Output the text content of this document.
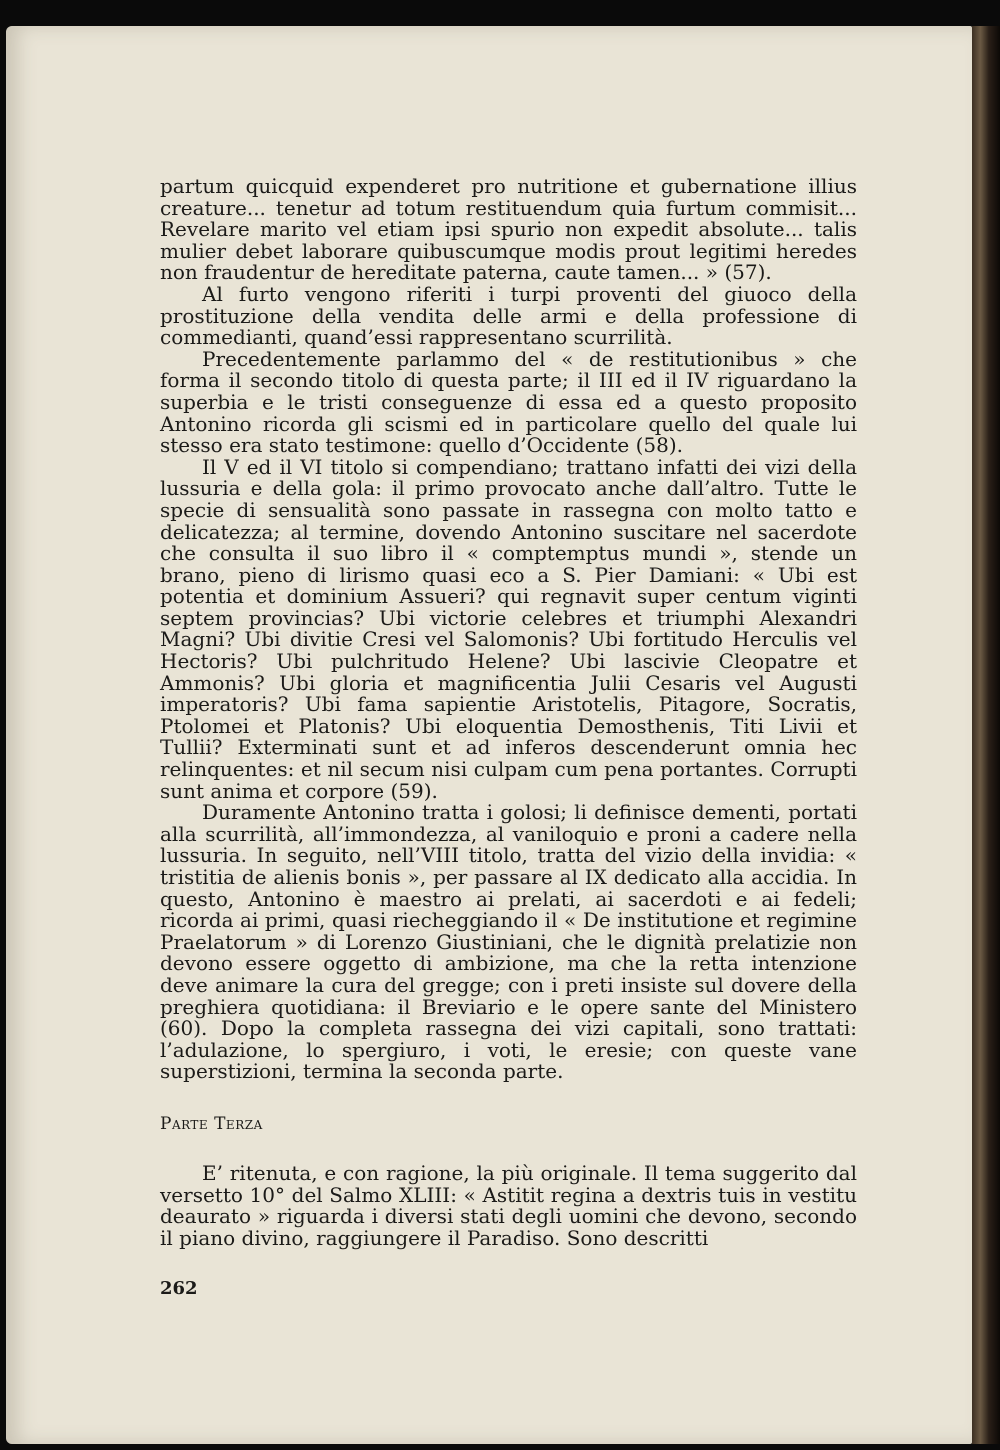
partum quicquid expenderet pro nutritione et gubernatione illius creature... tenetur ad totum restituendum quia furtum commisit... Revelare marito vel etiam ipsi spurio non expedit absolute... talis mulier debet laborare quibuscumque modis prout legitimi heredes non fraudentur de hereditate paterna, caute tamen... » (57).

Al furto vengono riferiti i turpi proventi del giuoco della prostituzione della vendita delle armi e della professione di commedianti, quand’essi rappresentano scurrilità.

Precedentemente parlammo del « de restitutionibus » che forma il secondo titolo di questa parte; il III ed il IV riguardano la superbia e le tristi conseguenze di essa ed a questo proposito Antonino ricorda gli scismi ed in particolare quello del quale lui stesso era stato testimone: quello d’Occidente (58).

Il V ed il VI titolo si compendiano; trattano infatti dei vizi della lussuria e della gola: il primo provocato anche dall’altro. Tutte le specie di sensualità sono passate in rassegna con molto tatto e delicatezza; al termine, dovendo Antonino suscitare nel sacerdote che consulta il suo libro il « comptemptus mundi », stende un brano, pieno di lirismo quasi eco a S. Pier Damiani: « Ubi est potentia et dominium Assueri? qui regnavit super centum viginti septem provincias? Ubi victorie celebres et triumphi Alexandri Magni? Ubi divitie Cresi vel Salomonis? Ubi fortitudo Herculis vel Hectoris? Ubi pulchritudo Helene? Ubi lascivie Cleopatre et Ammonis? Ubi gloria et magnificentia Julii Cesaris vel Augusti imperatoris? Ubi fama sapientie Aristotelis, Pitagore, Socratis, Ptolomei et Platonis? Ubi eloquentia Demosthenis, Titi Livii et Tullii? Exterminati sunt et ad inferos descenderunt omnia hec relinquentes: et nil secum nisi culpam cum pena portantes. Corrupti sunt anima et corpore (59).

Duramente Antonino tratta i golosi; li definisce dementi, portati alla scurrilità, all’immondezza, al vaniloquio e proni a cadere nella lussuria. In seguito, nell’VIII titolo, tratta del vizio della invidia: « tristitia de alienis bonis », per passare al IX dedicato alla accidia. In questo, Antonino è maestro ai prelati, ai sacerdoti e ai fedeli; ricorda ai primi, quasi riecheggiando il « De institutione et regimine Praelatorum » di Lorenzo Giustiniani, che le dignità prelatizie non devono essere oggetto di ambizione, ma che la retta intenzione deve animare la cura del gregge; con i preti insiste sul dovere della preghiera quotidiana: il Breviario e le opere sante del Ministero (60). Dopo la completa rassegna dei vizi capitali, sono trattati: l’adulazione, lo spergiuro, i voti, le eresie; con queste vane superstizioni, termina la seconda parte.

Parte Terza

E’ ritenuta, e con ragione, la più originale. Il tema suggerito dal versetto 10° del Salmo XLIII: « Astitit regina a dextris tuis in vestitu deaurato » riguarda i diversi stati degli uomini che devono, secondo il piano divino, raggiungere il Paradiso. Sono descritti

262
